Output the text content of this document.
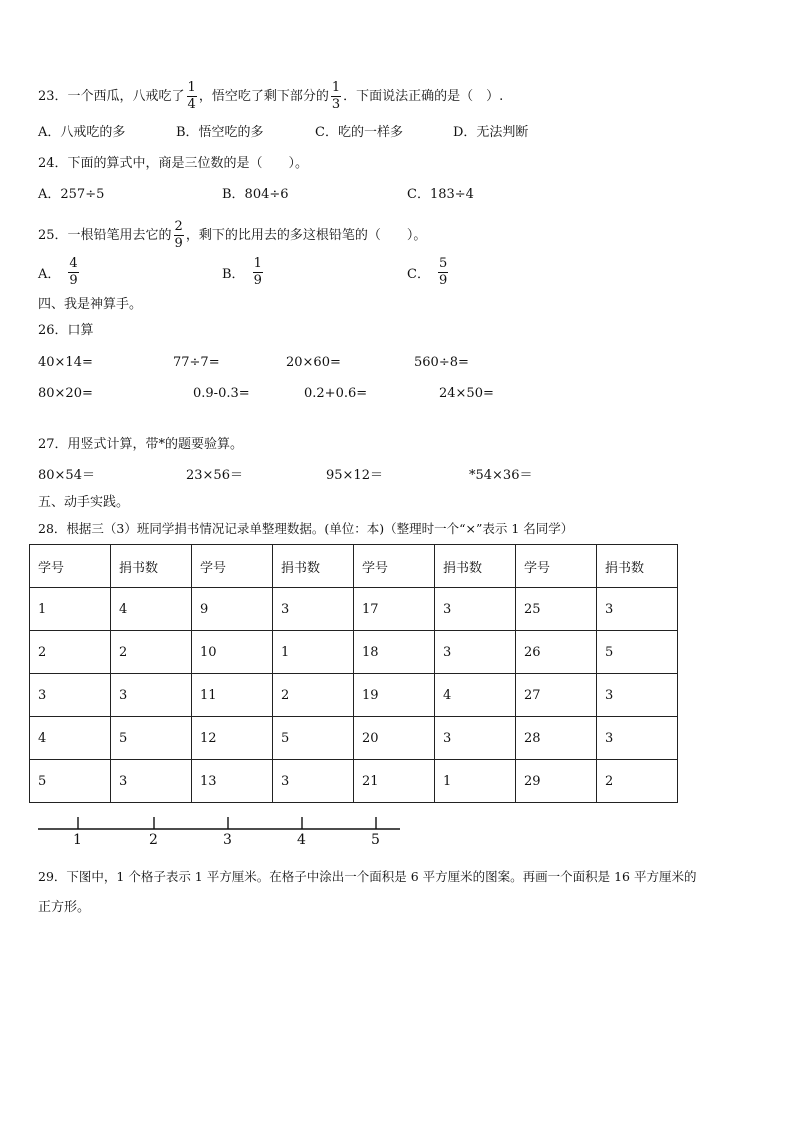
23．一个西瓜，八戒吃了 $\frac{1}{4}$ ，悟空吃了剩下部分的 $\frac{1}{3}$ ．下面说法正确的是（　）.
A．八戒吃的多	B．悟空吃的多	C．吃的一样多	D．无法判断
24．下面的算式中，商是三位数的是（　　）。
A．257÷5	B．804÷6	C．183÷4
25．一根铅笔用去它的 $\frac{2}{9}$ ，剩下的比用去的多这根铅笔的（　　）。
A． $\frac{4}{9}$	B． $\frac{1}{9}$	C． $\frac{5}{9}$
四、我是神算手。
26．口算
40×14=	77÷7=	20×60=	560÷8=
80×20=	0.9-0.3=	0.2+0.6=	24×50=
27．用竖式计算，带*的题要验算。
80×54＝	23×56＝	95×12＝	*54×36＝
五、动手实践。
28．根据三（3）班同学捐书情况记录单整理数据。(单位：本)（整理时一个“×”表示 1 名同学）
学号	捐书数	学号	捐书数	学号	捐书数	学号	捐书数
1	4	9	3	17	3	25	3
2	2	10	1	18	3	26	5
3	3	11	2	19	4	27	3
4	5	12	5	20	3	28	3
5	3	13	3	21	1	29	2
1	2	3	4	5
29．下图中，1 个格子表示 1 平方厘米。在格子中涂出一个面积是 6 平方厘米的图案。再画一个面积是 16 平方厘米的
正方形。
